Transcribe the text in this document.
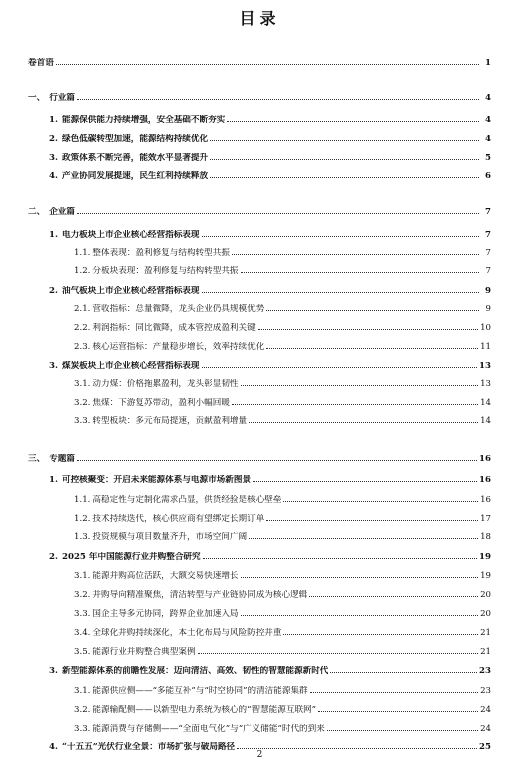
目录
卷首语	1
一、 行业篇	4
1. 能源保供能力持续增强，安全基础不断夯实	4
2. 绿色低碳转型加速，能源结构持续优化	4
3. 政策体系不断完善，能效水平显著提升	5
4. 产业协同发展提速，民生红利持续释放	6
二、 企业篇	7
1. 电力板块上市企业核心经营指标表现	7
1.1. 整体表现：盈利修复与结构转型共振	7
1.2. 分板块表现：盈利修复与结构转型共振	7
2. 油气板块上市企业核心经营指标表现	9
2.1. 营收指标：总量微降，龙头企业仍具规模优势	9
2.2. 利润指标：同比微降，成本管控成盈利关键	10
2.3. 核心运营指标：产量稳步增长，效率持续优化	11
3. 煤炭板块上市企业核心经营指标表现	13
3.1. 动力煤：价格拖累盈利，龙头彰显韧性	13
3.2. 焦煤：下游复苏带动，盈利小幅回暖	14
3.3. 转型板块：多元布局提速，贡献盈利增量	14
三、 专题篇	16
1. 可控核聚变：开启未来能源体系与电源市场新图景	16
1.1. 高稳定性与定制化需求凸显，供货经验是核心壁垒	16
1.2. 技术持续迭代，核心供应商有望绑定长期订单	17
1.3. 投资规模与项目数量齐升，市场空间广阔	18
2. 2025 年中国能源行业并购整合研究	19
3.1. 能源并购高位活跃，大额交易快速增长	19
3.2. 并购导向精准聚焦，清洁转型与产业链协同成为核心逻辑	20
3.3. 国企主导多元协同，跨界企业加速入局	20
3.4. 全球化并购持续深化，本土化布局与风险防控并重	21
3.5. 能源行业并购整合典型案例	21
3. 新型能源体系的前瞻性发展：迈向清洁、高效、韧性的智慧能源新时代	23
3.1. 能源供应侧——“多能互补”与“时空协同”的清洁能源集群	23
3.2. 能源输配侧——以新型电力系统为核心的“智慧能源互联网”	24
3.3. 能源消费与存储侧——“全面电气化”与“广义储能”时代的到来	24
4. “十五五”光伏行业全景：市场扩张与破局路径	25
2
